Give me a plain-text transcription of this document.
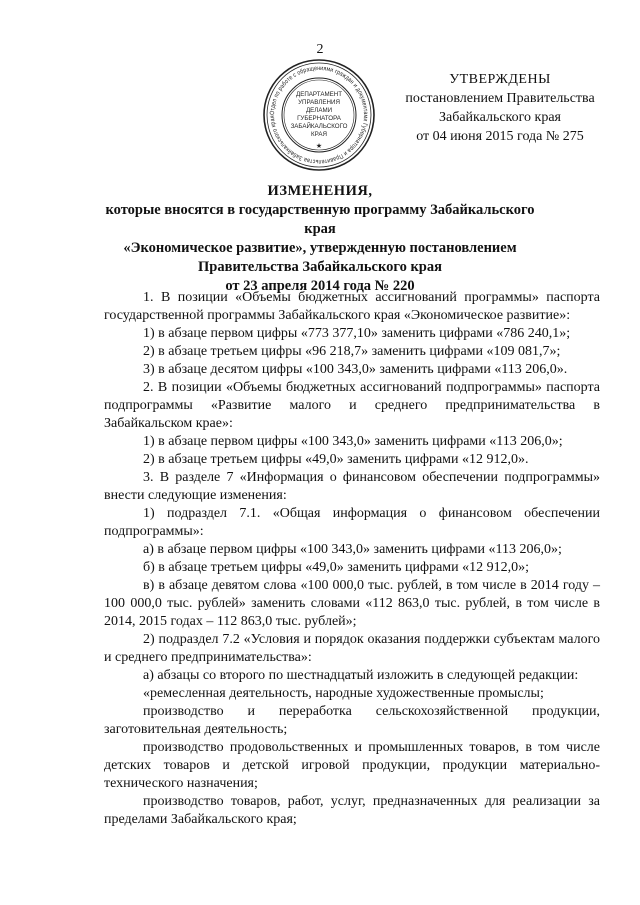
2
Отдел по работе с обращениями граждан и документами Губернатора и Правительства Забайкальского края
ДЕПАРТАМЕНТ
УПРАВЛЕНИЯ
ДЕЛАМИ
ГУБЕРНАТОРА
ЗАБАЙКАЛЬСКОГО
КРАЯ
★
УТВЕРЖДЕНЫ
постановлением Правительства
Забайкальского края
от 04 июня 2015 года № 275
ИЗМЕНЕНИЯ,
которые вносятся в государственную программу Забайкальского края
«Экономическое развитие», утвержденную постановлением
Правительства Забайкальского края
от 23 апреля 2014 года № 220

1. В позиции «Объемы бюджетных ассигнований программы» паспорта государственной программы Забайкальского края «Экономическое развитие»:

1) в абзаце первом цифры «773 377,10» заменить цифрами «786 240,1»;

2) в абзаце третьем цифры «96 218,7» заменить цифрами «109 081,7»;

3) в абзаце десятом цифры «100 343,0» заменить цифрами «113 206,0».

2. В позиции «Объемы бюджетных ассигнований подпрограммы» паспорта подпрограммы «Развитие малого и среднего предпринимательства в Забайкальском крае»:

1) в абзаце первом цифры «100 343,0» заменить цифрами «113 206,0»;

2) в абзаце третьем цифры «49,0» заменить цифрами «12 912,0».

3. В разделе 7 «Информация о финансовом обеспечении подпрограммы» внести следующие изменения:

1) подраздел 7.1. «Общая информация о финансовом обеспечении подпрограммы»:

а) в абзаце первом цифры «100 343,0» заменить цифрами «113 206,0»;

б) в абзаце третьем цифры «49,0» заменить цифрами «12 912,0»;

в) в абзаце девятом слова «100 000,0 тыс. рублей, в том числе в 2014 году – 100 000,0 тыс. рублей» заменить словами «112 863,0 тыс. рублей, в том числе в 2014, 2015 годах – 112 863,0 тыс. рублей»;

2) подраздел 7.2 «Условия и порядок оказания поддержки субъектам малого и среднего предпринимательства»:

а) абзацы со второго по шестнадцатый изложить в следующей редакции:

«ремесленная деятельность, народные художественные промыслы;

производство и переработка сельскохозяйственной продукции, заготовительная деятельность;

производство продовольственных и промышленных товаров, в том числе детских товаров и детской игровой продукции, продукции материально-технического назначения;

производство товаров, работ, услуг, предназначенных для реализации за пределами Забайкальского края;
